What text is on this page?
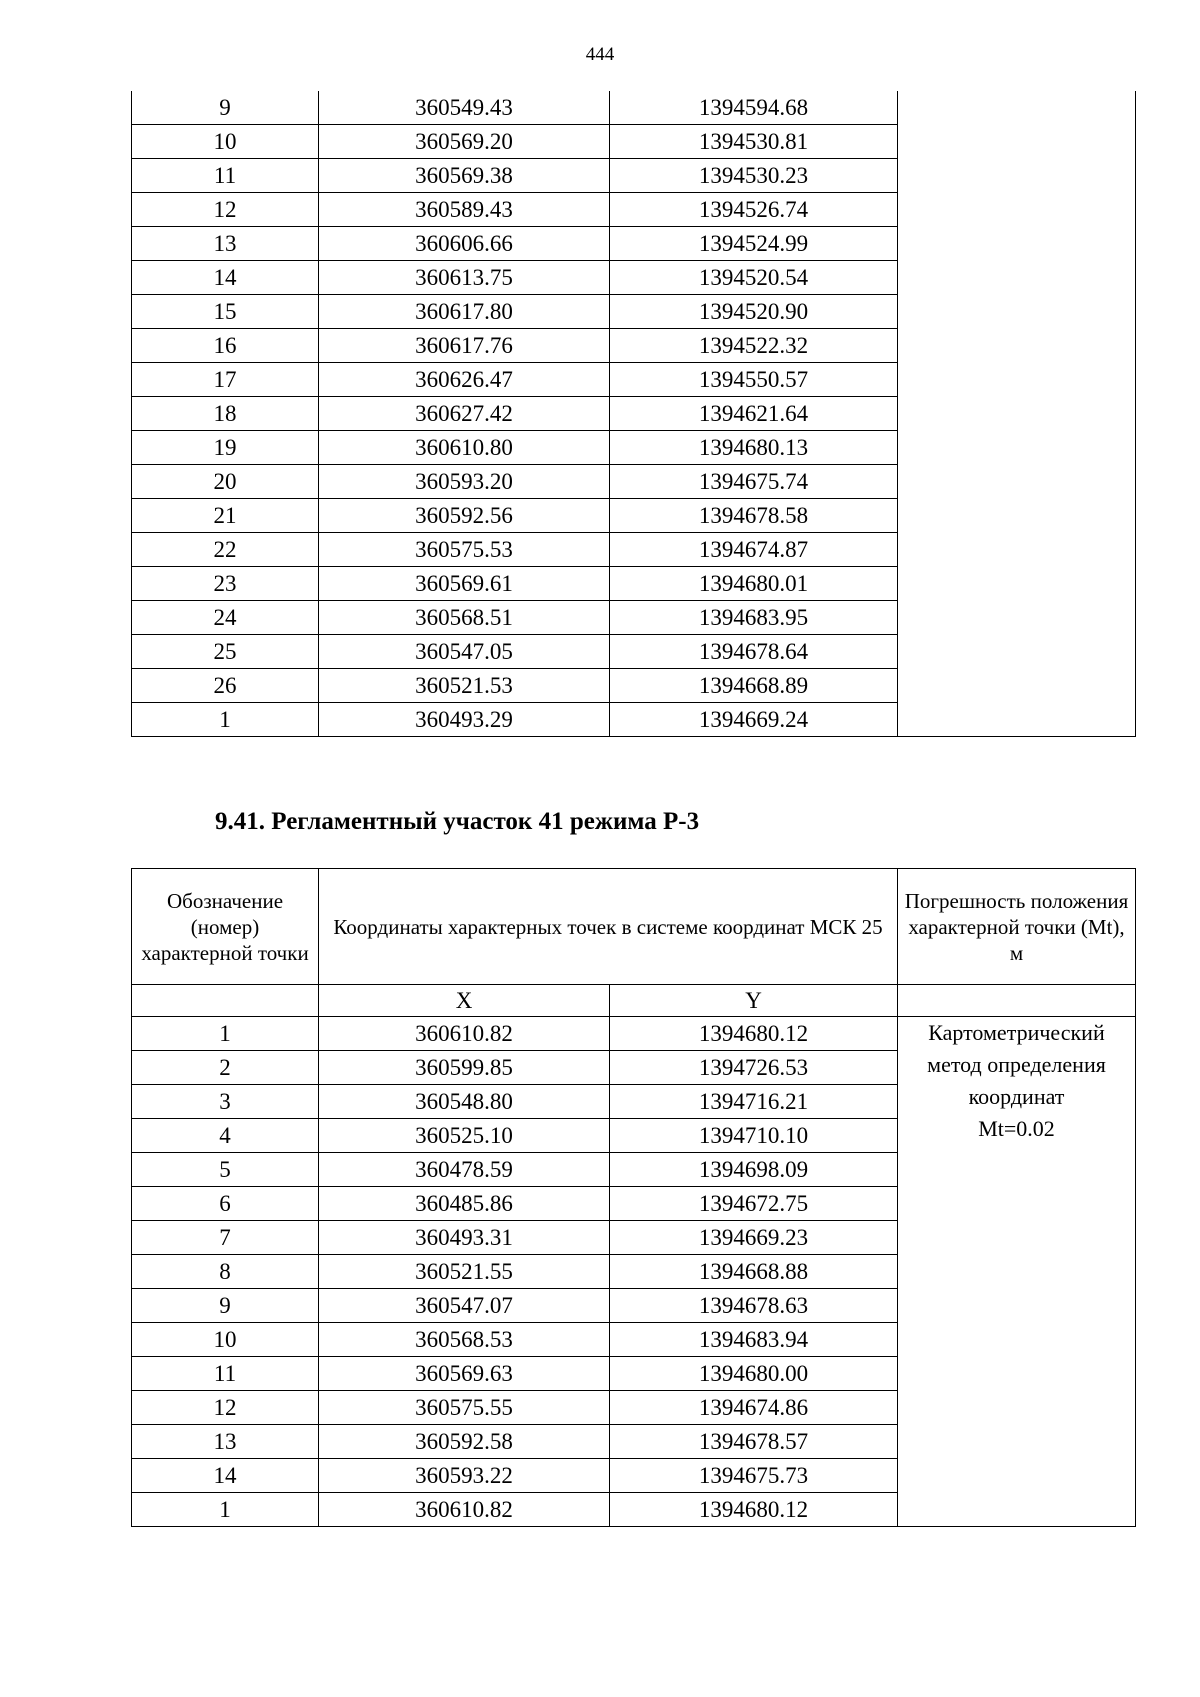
444
9	360549.43	1394594.68	
10	360569.20	1394530.81	
11	360569.38	1394530.23	
12	360589.43	1394526.74	
13	360606.66	1394524.99	
14	360613.75	1394520.54	
15	360617.80	1394520.90	
16	360617.76	1394522.32	
17	360626.47	1394550.57	
18	360627.42	1394621.64	
19	360610.80	1394680.13	
20	360593.20	1394675.74	
21	360592.56	1394678.58	
22	360575.53	1394674.87	
23	360569.61	1394680.01	
24	360568.51	1394683.95	
25	360547.05	1394678.64	
26	360521.53	1394668.89	
1	360493.29	1394669.24	
9.41. Регламентный участок 41 режима Р-3
Обозначение (номер) характерной точки	Координаты характерных точек в системе координат МСК 25		Погрешность положения характерной точки (Mt), м
	X	Y	
1	360610.82	1394680.12	Картометрический
метод определения
координат
Mt=0.02

2	360599.85	1394726.53	
3	360548.80	1394716.21	
4	360525.10	1394710.10	
5	360478.59	1394698.09	
6	360485.86	1394672.75	
7	360493.31	1394669.23	
8	360521.55	1394668.88	
9	360547.07	1394678.63	
10	360568.53	1394683.94	
11	360569.63	1394680.00	
12	360575.55	1394674.86	
13	360592.58	1394678.57	
14	360593.22	1394675.73	
1	360610.82	1394680.12	
